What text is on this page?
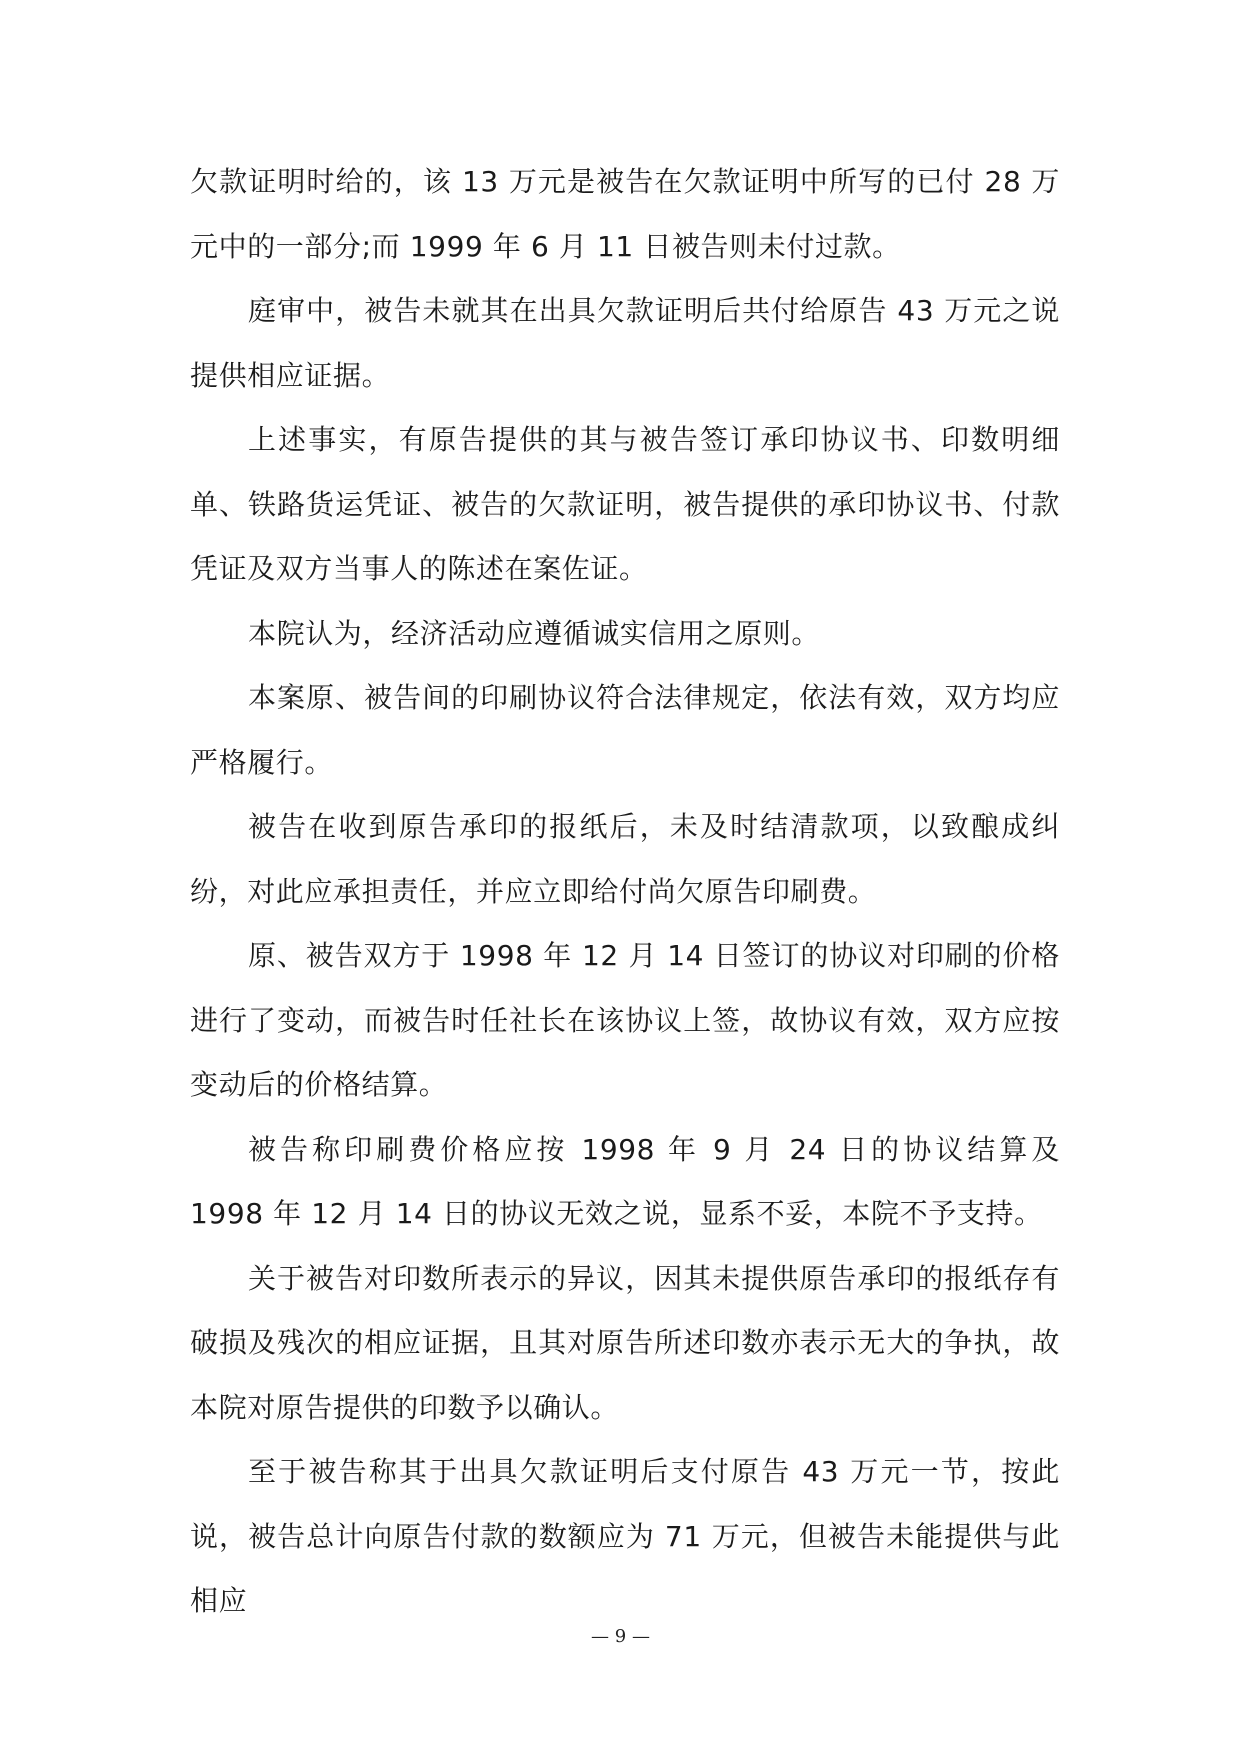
欠款证明时给的，该 13 万元是被告在欠款证明中所写的已付 28 万元中的一部分;而 1999 年 6 月 11 日被告则未付过款。

庭审中，被告未就其在出具欠款证明后共付给原告 43 万元之说提供相应证据。

上述事实，有原告提供的其与被告签订承印协议书、印数明细单、铁路货运凭证、被告的欠款证明，被告提供的承印协议书、付款凭证及双方当事人的陈述在案佐证。

本院认为，经济活动应遵循诚实信用之原则。

本案原、被告间的印刷协议符合法律规定，依法有效，双方均应严格履行。

被告在收到原告承印的报纸后，未及时结清款项，以致酿成纠纷，对此应承担责任，并应立即给付尚欠原告印刷费。

原、被告双方于 1998 年 12 月 14 日签订的协议对印刷的价格进行了变动，而被告时任社长在该协议上签，故协议有效，双方应按变动后的价格结算。

被告称印刷费价格应按 1998 年 9 月 24 日的协议结算及 1998 年 12 月 14 日的协议无效之说，显系不妥，本院不予支持。

关于被告对印数所表示的异议，因其未提供原告承印的报纸存有破损及残次的相应证据，且其对原告所述印数亦表示无大的争执，故本院对原告提供的印数予以确认。

至于被告称其于出具欠款证明后支付原告 43 万元一节，按此说，被告总计向原告付款的数额应为 71 万元，但被告未能提供与此相应

— 9 —
